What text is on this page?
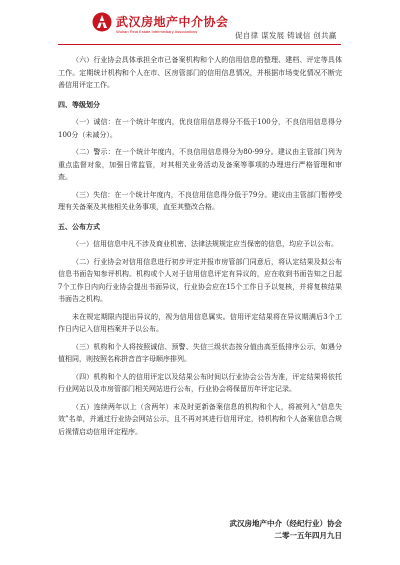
武汉房地产中介协会
Wuhan Real Estate Intermediary Associations	促自律 谋发展 铸诚信 创共赢

（六）行业协会具体承担全市已备案机构和个人的信用信息的整理、建档、评定等具体工作。定期统计机构和个人在市、区房管部门的信用信息情况，并根据市场变化情况不断完善信用评定工作。

四、等级划分

（一）诚信：在一个统计年度内，优良信用信息得分不低于100分，不良信用信息得分100分（未减分）。

（二）警示：在一个统计年度内，不良信用信息得分为80-99分。建议由主管部门列为重点监督对象，加强日常监管，对其相关业务活动及备案等事项的办理进行严格管理和审查。

（三）失信：在一个统计年度内，不良信用信息得分低于79分。建议由主管部门暂停受理有关备案及其他相关业务事项，直至其整改合格。

五、公布方式

（一）信用信息中凡不涉及商业机密、法律法规规定应当保密的信息，均应予以公布。

（二）行业协会对信用信息进行初步评定并报市房管部门同意后，将认定结果及拟公布信息书面告知参评机构。机构或个人对于信用信息评定有异议的，应在收到书面告知之日起7个工作日内向行业协会提出书面异议，行业协会应在15个工作日予以复核，并将复核结果书面告之机构。

未在规定期限内提出异议的，视为信用信息属实。信用评定结果将在异议期满后3个工作日内记入信用档案并予以公布。

（三）机构和个人将按照诚信、预警、失信三级状态按分值由高至低排序公示，如遇分值相同，则按照名称拼音首字母顺序排列。

（四）机构和个人的信用评定以及结果公布时间以行业协会公告为准，评定结果将依托行业网站以及市房管部门相关网站进行公布，行业协会将保留历年评定记录。

（五）连续两年以上（含两年）未及时更新备案信息的机构和个人，将被列入“信息失效”名单，并通过行业协会网站公示，且不再对其进行信用评定，待机构和个人备案信息合规后视情启动信用评定程序。

武汉房地产中介（经纪行业）协会
二零一五年四月九日
